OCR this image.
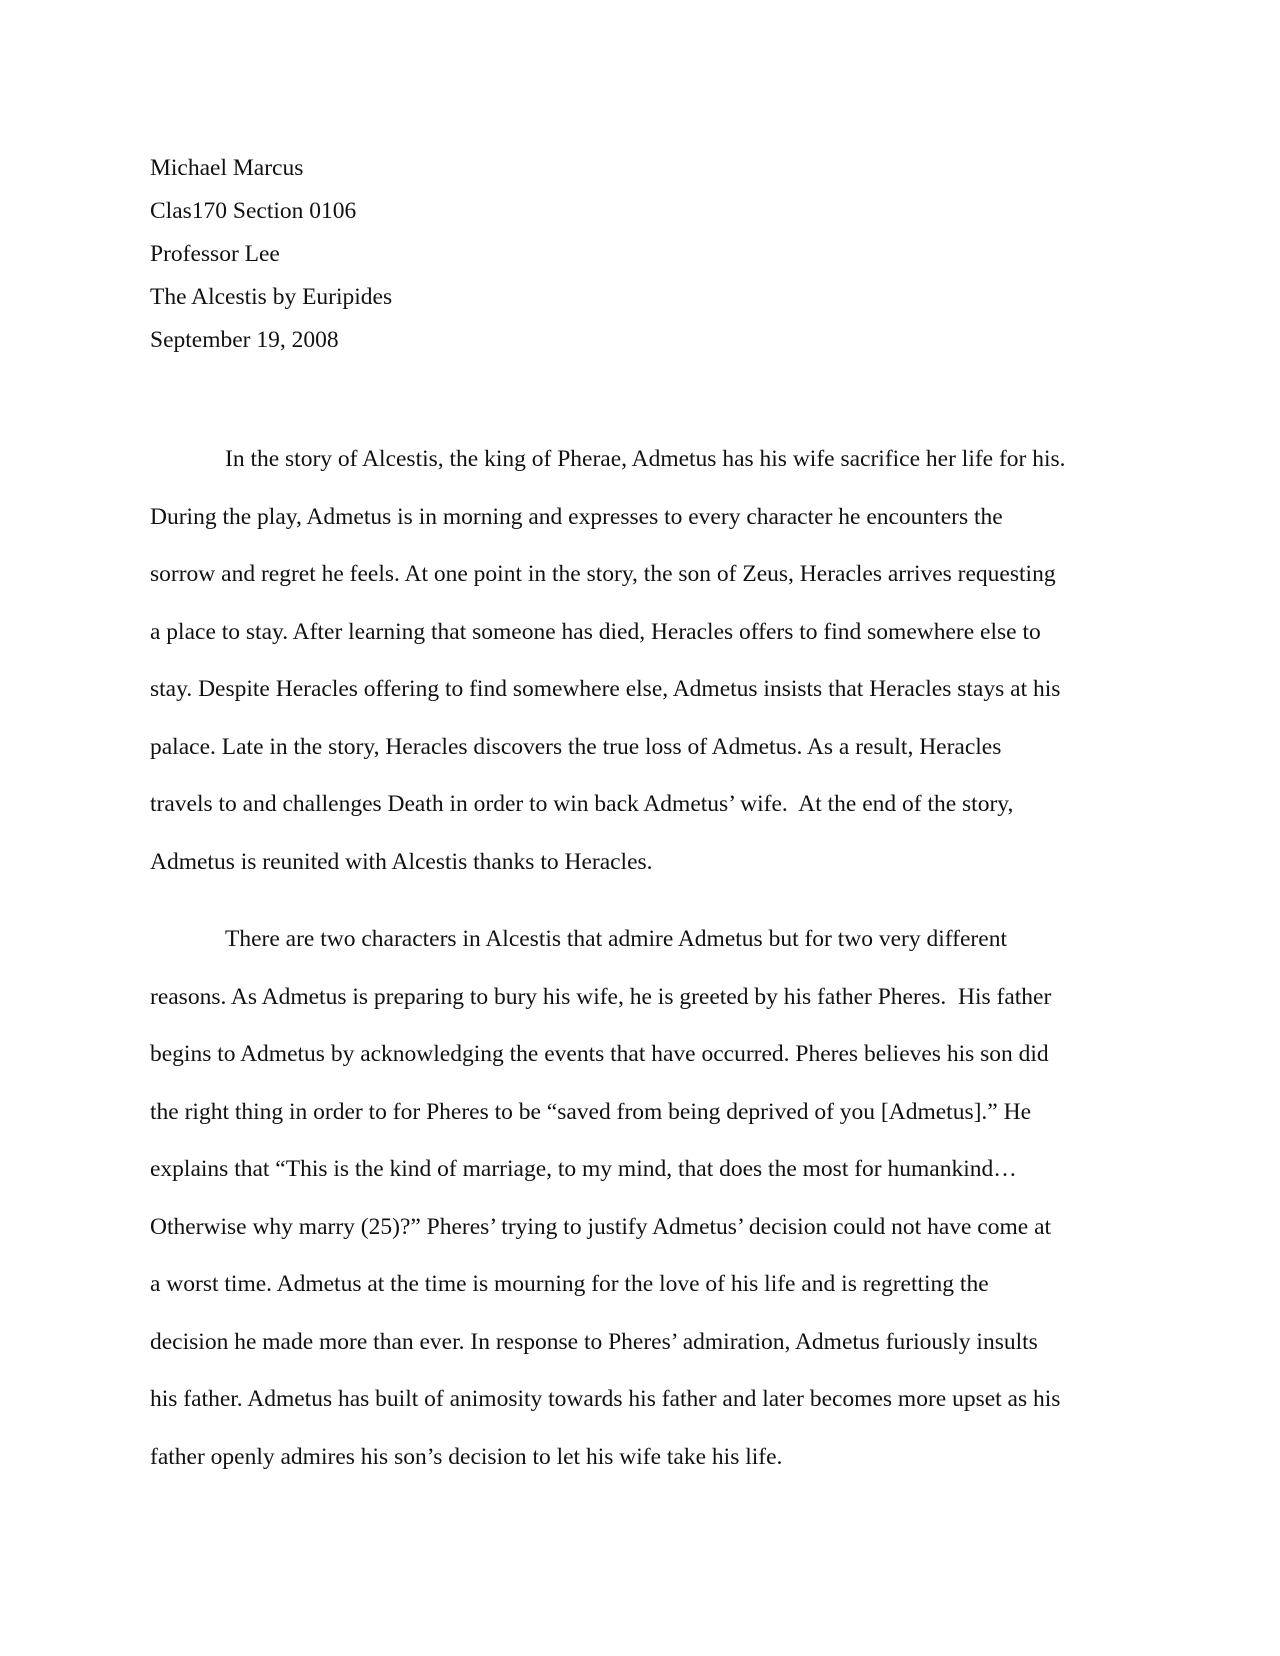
Michael Marcus
Clas170 Section 0106
Professor Lee
The Alcestis by Euripides
September 19, 2008
In the story of Alcestis, the king of Pherae, Admetus has his wife sacrifice her life for his.
During the play, Admetus is in morning and expresses to every character he encounters the
sorrow and regret he feels. At one point in the story, the son of Zeus, Heracles arrives requesting
a place to stay. After learning that someone has died, Heracles offers to find somewhere else to
stay. Despite Heracles offering to find somewhere else, Admetus insists that Heracles stays at his
palace. Late in the story, Heracles discovers the true loss of Admetus. As a result, Heracles
travels to and challenges Death in order to win back Admetus’ wife.  At the end of the story,
Admetus is reunited with Alcestis thanks to Heracles.
There are two characters in Alcestis that admire Admetus but for two very different
reasons. As Admetus is preparing to bury his wife, he is greeted by his father Pheres.  His father
begins to Admetus by acknowledging the events that have occurred. Pheres believes his son did
the right thing in order to for Pheres to be “saved from being deprived of you [Admetus].” He
explains that “This is the kind of marriage, to my mind, that does the most for humankind…
Otherwise why marry (25)?” Pheres’ trying to justify Admetus’ decision could not have come at
a worst time. Admetus at the time is mourning for the love of his life and is regretting the
decision he made more than ever. In response to Pheres’ admiration, Admetus furiously insults
his father. Admetus has built of animosity towards his father and later becomes more upset as his
father openly admires his son’s decision to let his wife take his life.
